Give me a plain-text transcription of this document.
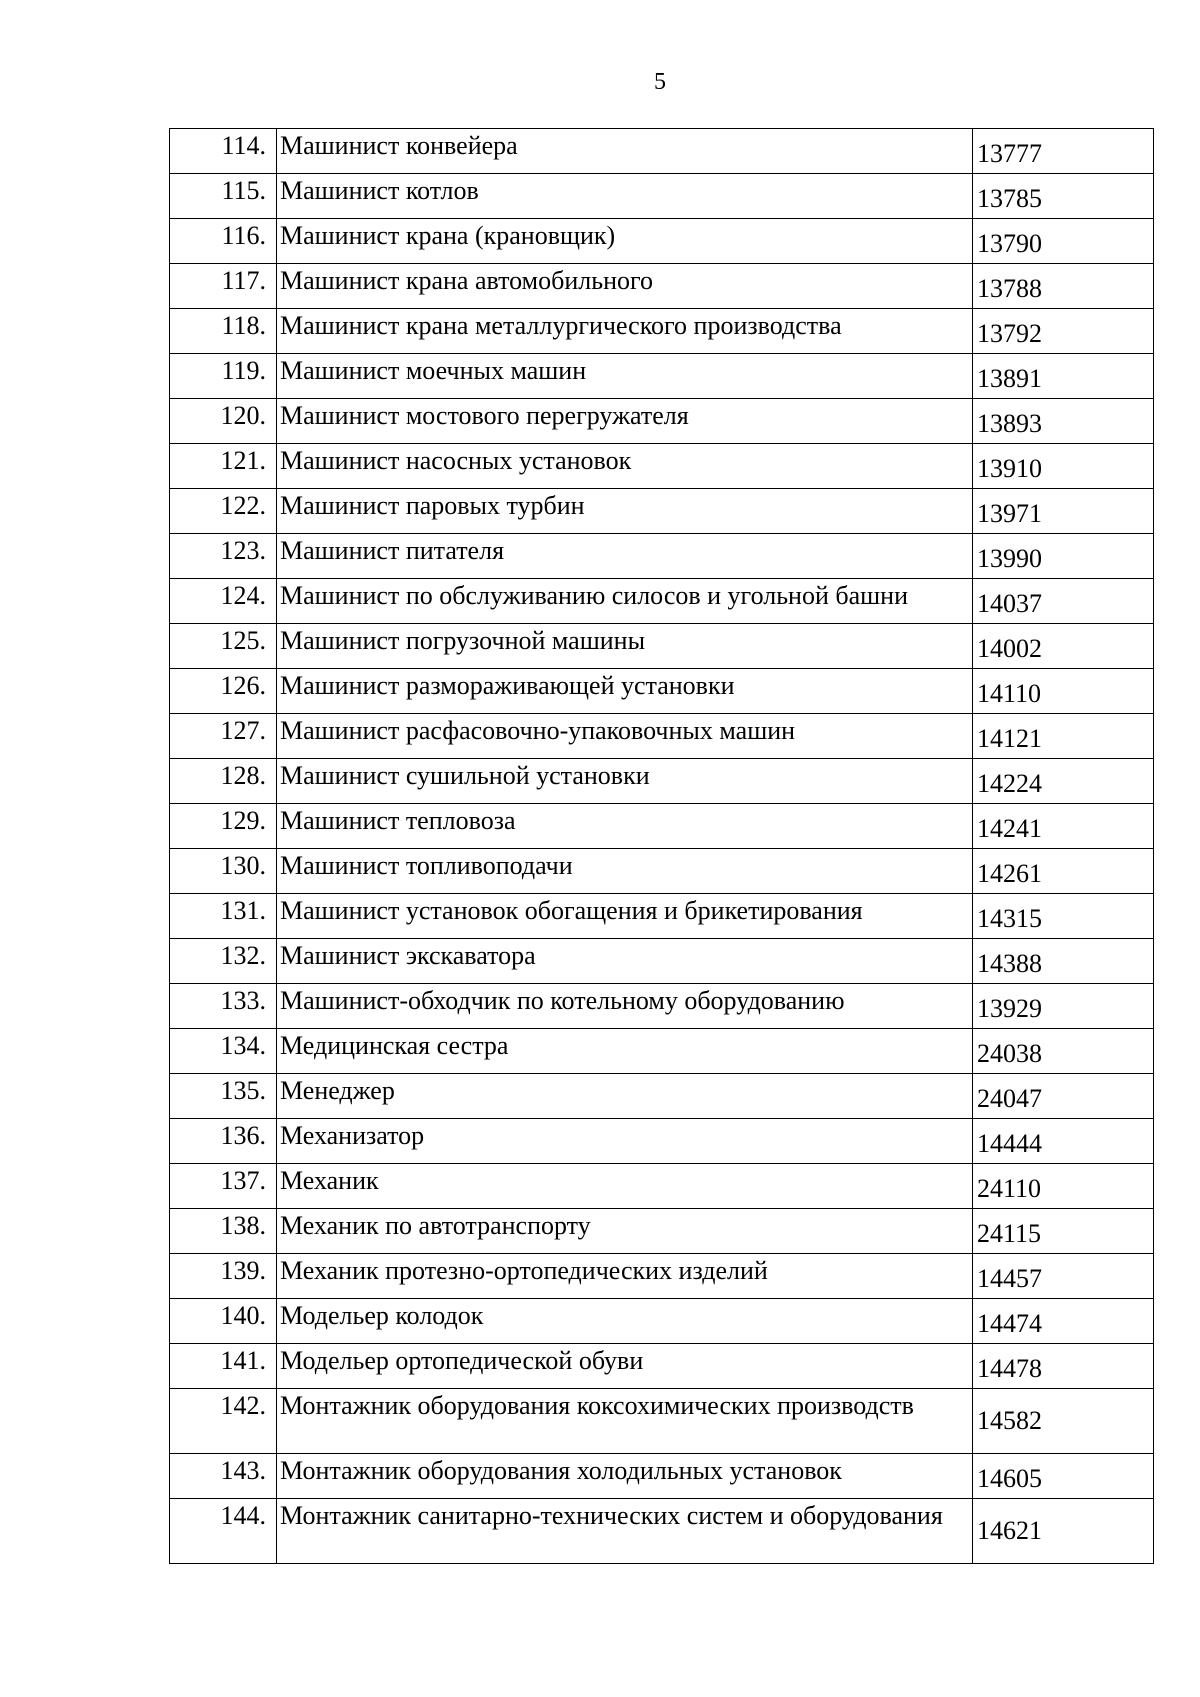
5
114.	Машинист конвейера	13777

115.	Машинист котлов	13785

116.	Машинист крана (крановщик)	13790

117.	Машинист крана автомобильного	13788

118.	Машинист крана металлургического производства	13792

119.	Машинист моечных машин	13891

120.	Машинист мостового перегружателя	13893

121.	Машинист насосных установок	13910

122.	Машинист паровых турбин	13971

123.	Машинист питателя	13990

124.	Машинист по обслуживанию силосов и угольной башни	14037

125.	Машинист погрузочной машины	14002

126.	Машинист размораживающей установки	14110

127.	Машинист расфасовочно-упаковочных машин	14121

128.	Машинист сушильной установки	14224

129.	Машинист тепловоза	14241

130.	Машинист топливоподачи	14261

131.	Машинист установок обогащения и брикетирования	14315

132.	Машинист экскаватора	14388

133.	Машинист-обходчик по котельному оборудованию	13929

134.	Медицинская сестра	24038

135.	Менеджер	24047

136.	Механизатор	14444

137.	Механик	24110

138.	Механик по автотранспорту	24115

139.	Механик протезно-ортопедических изделий	14457

140.	Модельер колодок	14474

141.	Модельер ортопедической обуви	14478

142.	Монтажник оборудования коксохимических производств	14582

143.	Монтажник оборудования холодильных установок	14605

144.	Монтажник санитарно-технических систем и оборудования	14621
